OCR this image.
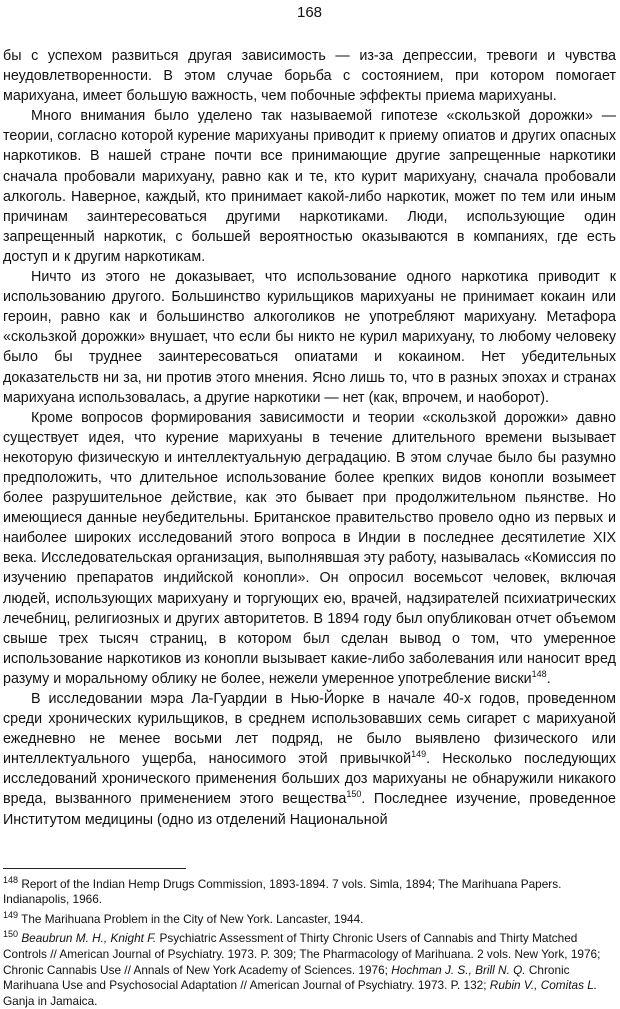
168

бы с успехом развиться другая зависимость — из-за депрессии, тревоги и чувства неудовлетворенности. В этом случае борьба с состоянием, при котором помогает марихуана, имеет большую важность, чем побочные эффекты приема марихуаны.

Много внимания было уделено так называемой гипотезе «скользкой дорожки» — теории, согласно которой курение марихуаны приводит к приему опиатов и других опасных наркотиков. В нашей стране почти все принимающие другие запрещенные наркотики сначала пробовали марихуану, равно как и те, кто курит марихуану, сначала пробовали алкоголь. Наверное, каждый, кто принимает какой-либо наркотик, может по тем или иным причинам заинтересоваться другими наркотиками. Люди, использующие один запрещенный наркотик, с большей вероятностью оказываются в компаниях, где есть доступ и к другим наркотикам.

Ничто из этого не доказывает, что использование одного наркотика приводит к использованию другого. Большинство курильщиков марихуаны не принимает кокаин или героин, равно как и большинство алкоголиков не употребляют марихуану. Метафора «скользкой дорожки» внушает, что если бы никто не курил марихуану, то любому человеку было бы труднее заинтересоваться опиатами и кокаином. Нет убедительных доказательств ни за, ни против этого мнения. Ясно лишь то, что в разных эпохах и странах марихуана использовалась, а другие наркотики — нет (как, впрочем, и наоборот).

Кроме вопросов формирования зависимости и теории «скользкой дорожки» давно существует идея, что курение марихуаны в течение длительного времени вызывает некоторую физическую и интеллектуальную деградацию. В этом случае было бы разумно предположить, что длительное использование более крепких видов конопли возымеет более разрушительное действие, как это бывает при продолжительном пьянстве. Но имеющиеся данные неубедительны. Британское правительство провело одно из первых и наиболее широких исследований этого вопроса в Индии в последнее десятилетие XIX века. Исследовательская организация, выполнявшая эту работу, называлась «Комиссия по изучению препаратов индийской конопли». Он опросил восемьсот человек, включая людей, использующих марихуану и торгующих ею, врачей, надзирателей психиатрических лечебниц, религиозных и других авторитетов. В 1894 году был опубликован отчет объемом свыше трех тысяч страниц, в котором был сделан вывод о том, что умеренное использование наркотиков из конопли вызывает какие-либо заболевания или наносит вред разуму и моральному облику не более, нежели умеренное употребление виски$^{148}$.

В исследовании мэра Ла-Гуардии в Нью-Йорке в начале 40-х годов, проведенном среди хронических курильщиков, в среднем использовавших семь сигарет с марихуаной ежедневно не менее восьми лет подряд, не было выявлено физического или интеллектуального ущерба, наносимого этой привычкой$^{149}$. Несколько последующих исследований хронического применения больших доз марихуаны не обнаружили никакого вреда, вызванного применением этого вещества$^{150}$. Последнее изучение, проведенное Институтом медицины (одно из отделений Национальной

$^{148}$ Report of the Indian Hemp Drugs Commission, 1893-1894. 7 vols. Simla, 1894; The Marihuana Papers. Indianapolis, 1966.

$^{149}$ The Marihuana Problem in the City of New York. Lancaster, 1944.

$^{150}$ Beaubrun M. H., Knight F. Psychiatric Assessment of Thirty Chronic Users of Cannabis and Thirty Matched Controls // American Journal of Psychiatry. 1973. P. 309; The Pharmacology of Marihuana. 2 vols. New York, 1976; Chronic Cannabis Use // Annals of New York Academy of Sciences. 1976; Hochman J. S., Brill N. Q. Chronic Marihuana Use and Psychosocial Adaptation // American Journal of Psychiatry. 1973. P. 132; Rubin V., Comitas L. Ganja in Jamaica.
